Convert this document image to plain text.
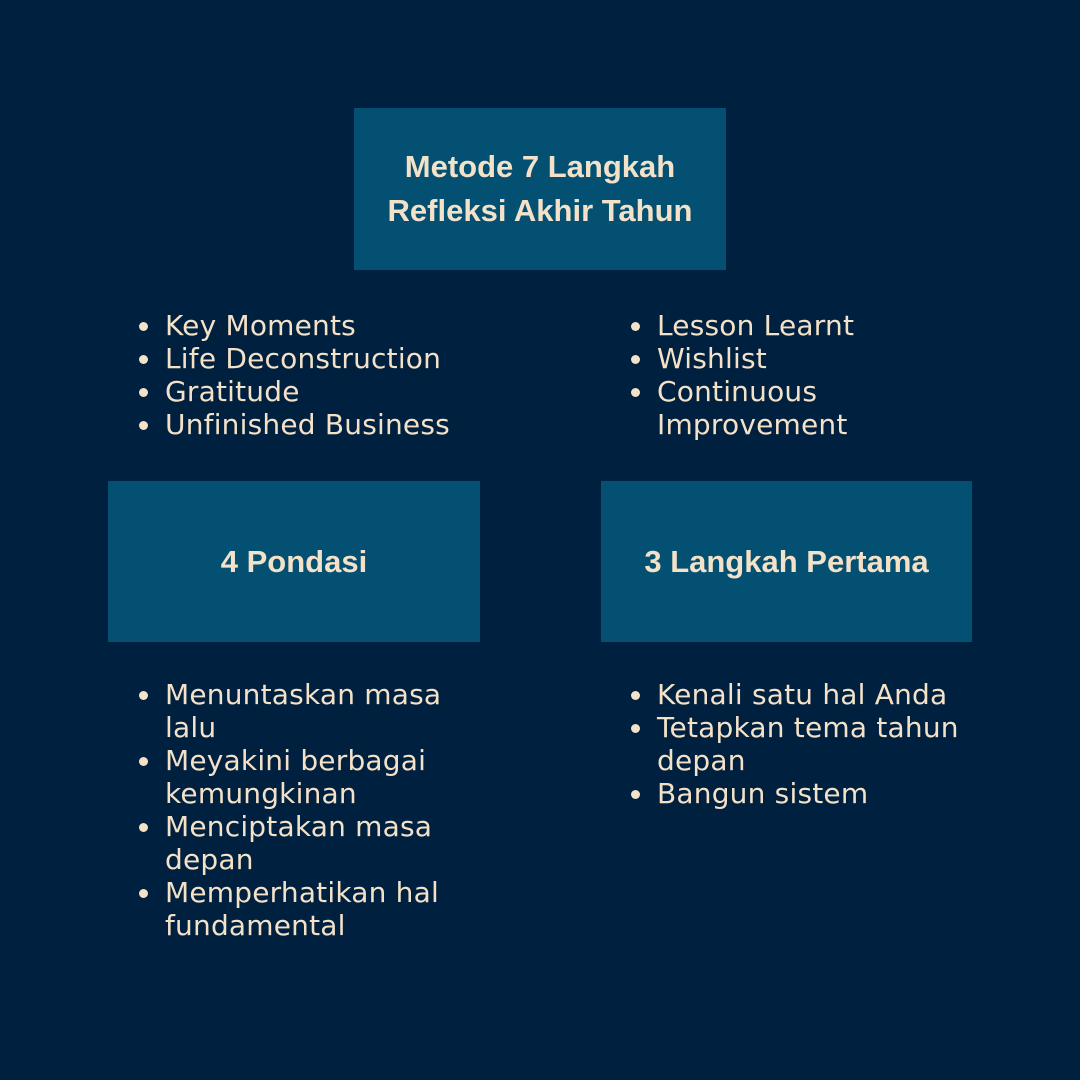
Metode 7 Langkah
Refleksi Akhir Tahun
Key Moments
Life Deconstruction
Gratitude
Unfinished Business
Lesson Learnt
Wishlist
Continuous Improvement
4 Pondasi	3 Langkah Pertama
Menuntaskan masa lalu
Meyakini berbagai kemungkinan
Menciptakan masa depan
Memperhatikan hal fundamental
Kenali satu hal Anda
Tetapkan tema tahun depan
Bangun sistem
